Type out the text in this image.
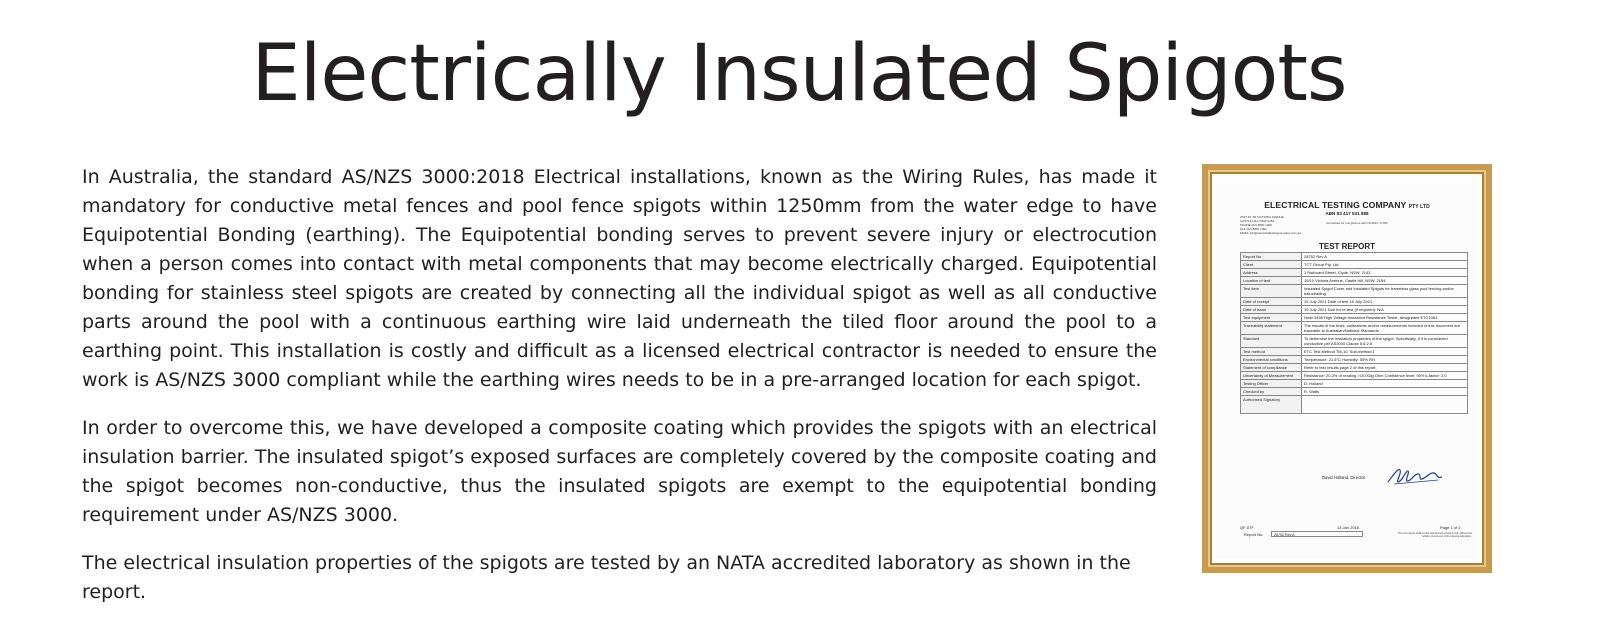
Electrically Insulated Spigots

In Australia, the standard AS/NZS 3000:2018 Electrical installations, known as the Wiring Rules, has made it mandatory for conductive metal fences and pool fence spigots within 1250mm from the water edge to have Equipotential Bonding (earthing). The Equipotential bonding serves to prevent severe injury or electrocution when a person comes into contact with metal components that may become electrically charged. Equipotential bonding for stainless steel spigots are created by connecting all the individual spigot as well as all conductive parts around the pool with a continuous earthing wire laid underneath the tiled floor around the pool to a earthing point. This installation is costly and difficult as a licensed electrical contractor is needed to ensure the work is AS/NZS 3000 compliant while the earthing wires needs to be in a pre-arranged location for each spigot.

In order to overcome this, we have developed a composite coating which provides the spigots with an electrical insulation barrier. The insulated spigot’s exposed surfaces are completely covered by the composite coating and the spigot becomes non-conductive, thus the insulated spigots are exempt to the equipotential bonding requirement under AS/NZS 3000.

The electrical insulation properties of the spigots are tested by an NATA accredited laboratory as shown in the report.

ELECTRICAL TESTING COMPANY PTY LTD
ABN 83 417 531 888
UNIT 15, 50 VICTORIA AVENUE
CASTLE HILL NSW 2154
PHONE (02) 8850 1000
FAX (02) 8850 1001
EMAIL info@electricaltestingcompany.com.au
Accredited for compliance with ISO/IEC 17025
TEST REPORT
Report No	28752 Rev A
Client	TCT Group Pty. Ltd.
Address	1 Rathoard Street, Clyde, NSW, 2142
Location of test	15/10 Victoria Avenue, Castle Hill, NSW, 2154
Test item	Insulated Spigot Cover and Insulated Spigots for frameless glass pool fencing and/or balustrading.
Date of receipt	15 July 2021 Date of test 15 July 2021
Date of issue	19 July 2021 Due for re-test (if required): N/A
Test equipment	Hioki 3455 High Voltage Insulation Resistance Tester, designated ETC1064
Traceability statement	The results of the tests, calibrations and/or measurements included in this document are traceable to Australian/National Standards
Standard	To determine the insulation properties of the spigot. Specifically, if it is considered conductive per AS3000 Clause 5.6.2.6
Test method	ETC Test Method TM-10, Sub-method 1
Environmental conditions	Temperature: 21.5°C Humidity: 55% RH
Statement of compliance	Refer to test results page 2 of this report.
Uncertainty of Measurement	Resistance: 20.2% of reading >10.0Gig Ohm Confidence level: 95% k-factor: 2.0
Testing Officer	D. Holland
Checked by	R. Watts
Authorised Signatory	
David Holland, Director
QF-07F	13 Jan 2016	Page 1 of 2
Report No:	28752 Rev A	This test report shall not be reproduced except in full, without the written permission of the issuing laboratory.
